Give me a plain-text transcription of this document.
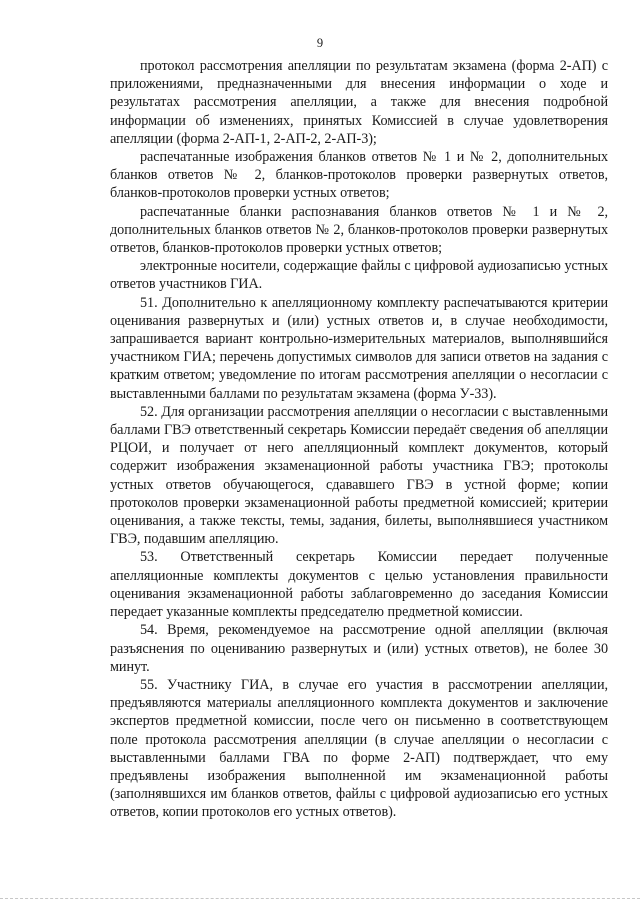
9

протокол рассмотрения апелляции по результатам экзамена (форма 2-АП) с приложениями, предназначенными для внесения информации о ходе и результатах рассмотрения апелляции, а также для внесения подробной информации об изменениях, принятых Комиссией в случае удовлетворения апелляции (форма 2-АП-1, 2-АП-2, 2-АП-3);

распечатанные изображения бланков ответов № 1 и № 2, дополнительных бланков ответов № 2, бланков-протоколов проверки развернутых ответов, бланков-протоколов проверки устных ответов;

распечатанные бланки распознавания бланков ответов № 1 и № 2, дополнительных бланков ответов № 2, бланков-протоколов проверки развернутых ответов, бланков-протоколов проверки устных ответов;

электронные носители, содержащие файлы с цифровой аудиозаписью устных ответов участников ГИА.

51. Дополнительно к апелляционному комплекту распечатываются критерии оценивания развернутых и (или) устных ответов и, в случае необходимости, запрашивается вариант контрольно-измерительных материалов, выполнявшийся участником ГИА; перечень допустимых символов для записи ответов на задания с кратким ответом; уведомление по итогам рассмотрения апелляции о несогласии с выставленными баллами по результатам экзамена (форма У-33).

52. Для организации рассмотрения апелляции о несогласии с выставленными баллами ГВЭ ответственный секретарь Комиссии передаёт сведения об апелляции РЦОИ, и получает от него апелляционный комплект документов, который содержит изображения экзаменационной работы участника ГВЭ; протоколы устных ответов обучающегося, сдававшего ГВЭ в устной форме; копии протоколов проверки экзаменационной работы предметной комиссией; критерии оценивания, а также тексты, темы, задания, билеты, выполнявшиеся участником ГВЭ, подавшим апелляцию.

53. Ответственный секретарь Комиссии передает полученные апелляционные комплекты документов с целью установления правильности оценивания экзаменационной работы заблаговременно до заседания Комиссии передает указанные комплекты председателю предметной комиссии.

54. Время, рекомендуемое на рассмотрение одной апелляции (включая разъяснения по оцениванию развернутых и (или) устных ответов), не более 30 минут.

55. Участнику ГИА, в случае его участия в рассмотрении апелляции, предъявляются материалы апелляционного комплекта документов и заключение экспертов предметной комиссии, после чего он письменно в соответствующем поле протокола рассмотрения апелляции (в случае апелляции о несогласии с выставленными баллами ГВА по форме 2-АП) подтверждает, что ему предъявлены изображения выполненной им экзаменационной работы (заполнявшихся им бланков ответов, файлы с цифровой аудиозаписью его устных ответов, копии протоколов его устных ответов).
